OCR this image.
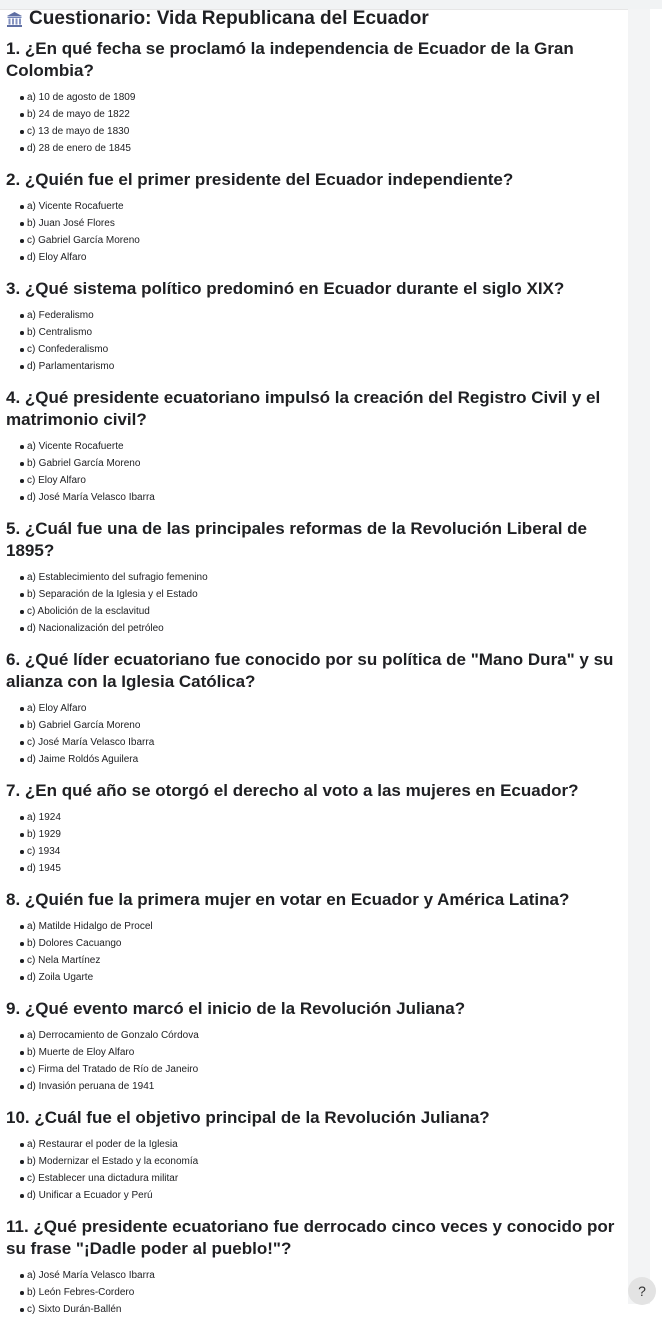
Cuestionario: Vida Republicana del Ecuador
1. ¿En qué fecha se proclamó la independencia de Ecuador de la Gran Colombia?
a) 10 de agosto de 1809
b) 24 de mayo de 1822
c) 13 de mayo de 1830
d) 28 de enero de 1845
2. ¿Quién fue el primer presidente del Ecuador independiente?
a) Vicente Rocafuerte
b) Juan José Flores
c) Gabriel García Moreno
d) Eloy Alfaro
3. ¿Qué sistema político predominó en Ecuador durante el siglo XIX?
a) Federalismo
b) Centralismo
c) Confederalismo
d) Parlamentarismo
4. ¿Qué presidente ecuatoriano impulsó la creación del Registro Civil y el matrimonio civil?
a) Vicente Rocafuerte
b) Gabriel García Moreno
c) Eloy Alfaro
d) José María Velasco Ibarra
5. ¿Cuál fue una de las principales reformas de la Revolución Liberal de 1895?
a) Establecimiento del sufragio femenino
b) Separación de la Iglesia y el Estado
c) Abolición de la esclavitud
d) Nacionalización del petróleo
6. ¿Qué líder ecuatoriano fue conocido por su política de "Mano Dura" y su alianza con la Iglesia Católica?
a) Eloy Alfaro
b) Gabriel García Moreno
c) José María Velasco Ibarra
d) Jaime Roldós Aguilera
7. ¿En qué año se otorgó el derecho al voto a las mujeres en Ecuador?
a) 1924
b) 1929
c) 1934
d) 1945
8. ¿Quién fue la primera mujer en votar en Ecuador y América Latina?
a) Matilde Hidalgo de Procel
b) Dolores Cacuango
c) Nela Martínez
d) Zoila Ugarte
9. ¿Qué evento marcó el inicio de la Revolución Juliana?
a) Derrocamiento de Gonzalo Córdova
b) Muerte de Eloy Alfaro
c) Firma del Tratado de Río de Janeiro
d) Invasión peruana de 1941
10. ¿Cuál fue el objetivo principal de la Revolución Juliana?
a) Restaurar el poder de la Iglesia
b) Modernizar el Estado y la economía
c) Establecer una dictadura militar
d) Unificar a Ecuador y Perú
11. ¿Qué presidente ecuatoriano fue derrocado cinco veces y conocido por su frase "¡Dadle poder al pueblo!"?
a) José María Velasco Ibarra
b) León Febres-Cordero
c) Sixto Durán-Ballén
?
